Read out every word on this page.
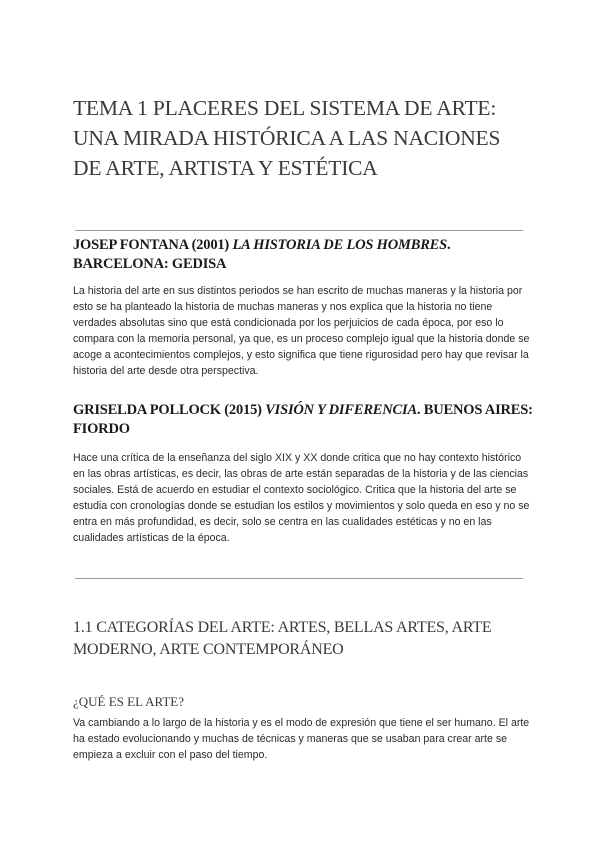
TEMA 1 PLACERES DEL SISTEMA DE ARTE: UNA MIRADA HISTÓRICA A LAS NACIONES DE ARTE, ARTISTA Y ESTÉTICA
JOSEP FONTANA (2001) LA HISTORIA DE LOS HOMBRES. BARCELONA: GEDISA

La historia del arte en sus distintos periodos se han escrito de muchas maneras y la historia por esto se ha planteado la historia de muchas maneras y nos explica que la historia no tiene verdades absolutas sino que está condicionada por los perjuicios de cada época, por eso lo compara con la memoria personal, ya que, es un proceso complejo igual que la historia donde se acoge a acontecimientos complejos, y esto significa que tiene rigurosidad pero hay que revisar la historia del arte desde otra perspectiva.

GRISELDA POLLOCK (2015) VISIÓN Y DIFERENCIA. BUENOS AIRES: FIORDO

Hace una crítica de la enseñanza del siglo XIX y XX donde critica que no hay contexto histórico en las obras artísticas, es decir, las obras de arte están separadas de la historia y de las ciencias sociales. Está de acuerdo en estudiar el contexto sociológico. Critica que la historia del arte se estudia con cronologías donde se estudian los estilos y movimientos y solo queda en eso y no se entra en más profundidad, es decir, solo se centra en las cualidades estéticas y no en las cualidades artísticas de la época.

1.1 CATEGORÍAS DEL ARTE: ARTES, BELLAS ARTES, ARTE MODERNO, ARTE CONTEMPORÁNEO
¿QUÉ ES EL ARTE?

Va cambiando a lo largo de la historia y es el modo de expresión que tiene el ser humano. El arte ha estado evolucionando y muchas de técnicas y maneras que se usaban para crear arte se empieza a excluir con el paso del tiempo.
